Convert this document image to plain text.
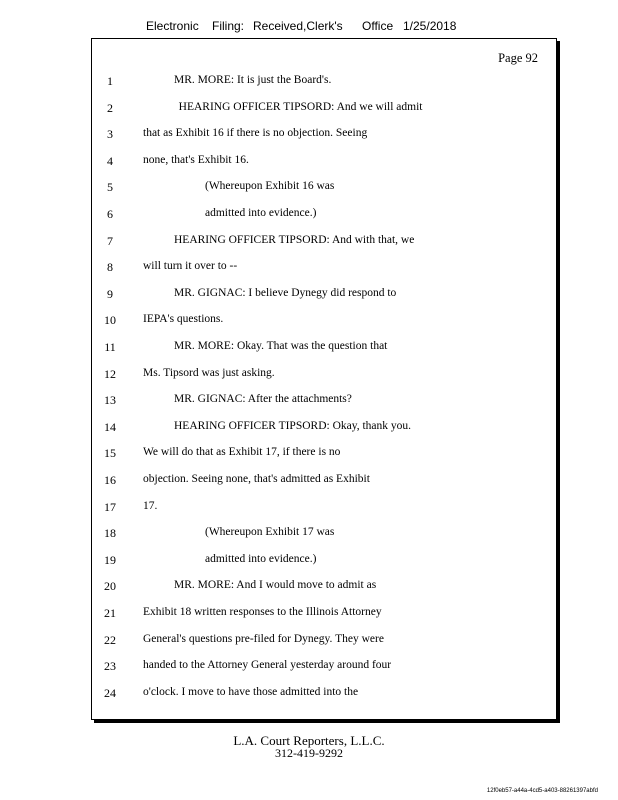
Electronic Filing: Received,Clerk's Office 1/25/2018
Page 92
1	MR. MORE: It is just the Board's.
2	HEARING OFFICER TIPSORD: And we will admit
3	that as Exhibit 16 if there is no objection. Seeing
4	none, that's Exhibit 16.
5	(Whereupon Exhibit 16 was
6	admitted into evidence.)
7	HEARING OFFICER TIPSORD: And with that, we
8	will turn it over to --
9	MR. GIGNAC: I believe Dynegy did respond to
10	IEPA's questions.
11	MR. MORE: Okay. That was the question that
12	Ms. Tipsord was just asking.
13	MR. GIGNAC: After the attachments?
14	HEARING OFFICER TIPSORD: Okay, thank you.
15	We will do that as Exhibit 17, if there is no
16	objection. Seeing none, that's admitted as Exhibit
17	17.
18	(Whereupon Exhibit 17 was
19	admitted into evidence.)
20	MR. MORE: And I would move to admit as
21	Exhibit 18 written responses to the Illinois Attorney
22	General's questions pre-filed for Dynegy. They were
23	handed to the Attorney General yesterday around four
24	o'clock. I move to have those admitted into the
L.A. Court Reporters, L.L.C.
312-419-9292
12f0eb57-a44a-4cd5-a403-88261397abfd
